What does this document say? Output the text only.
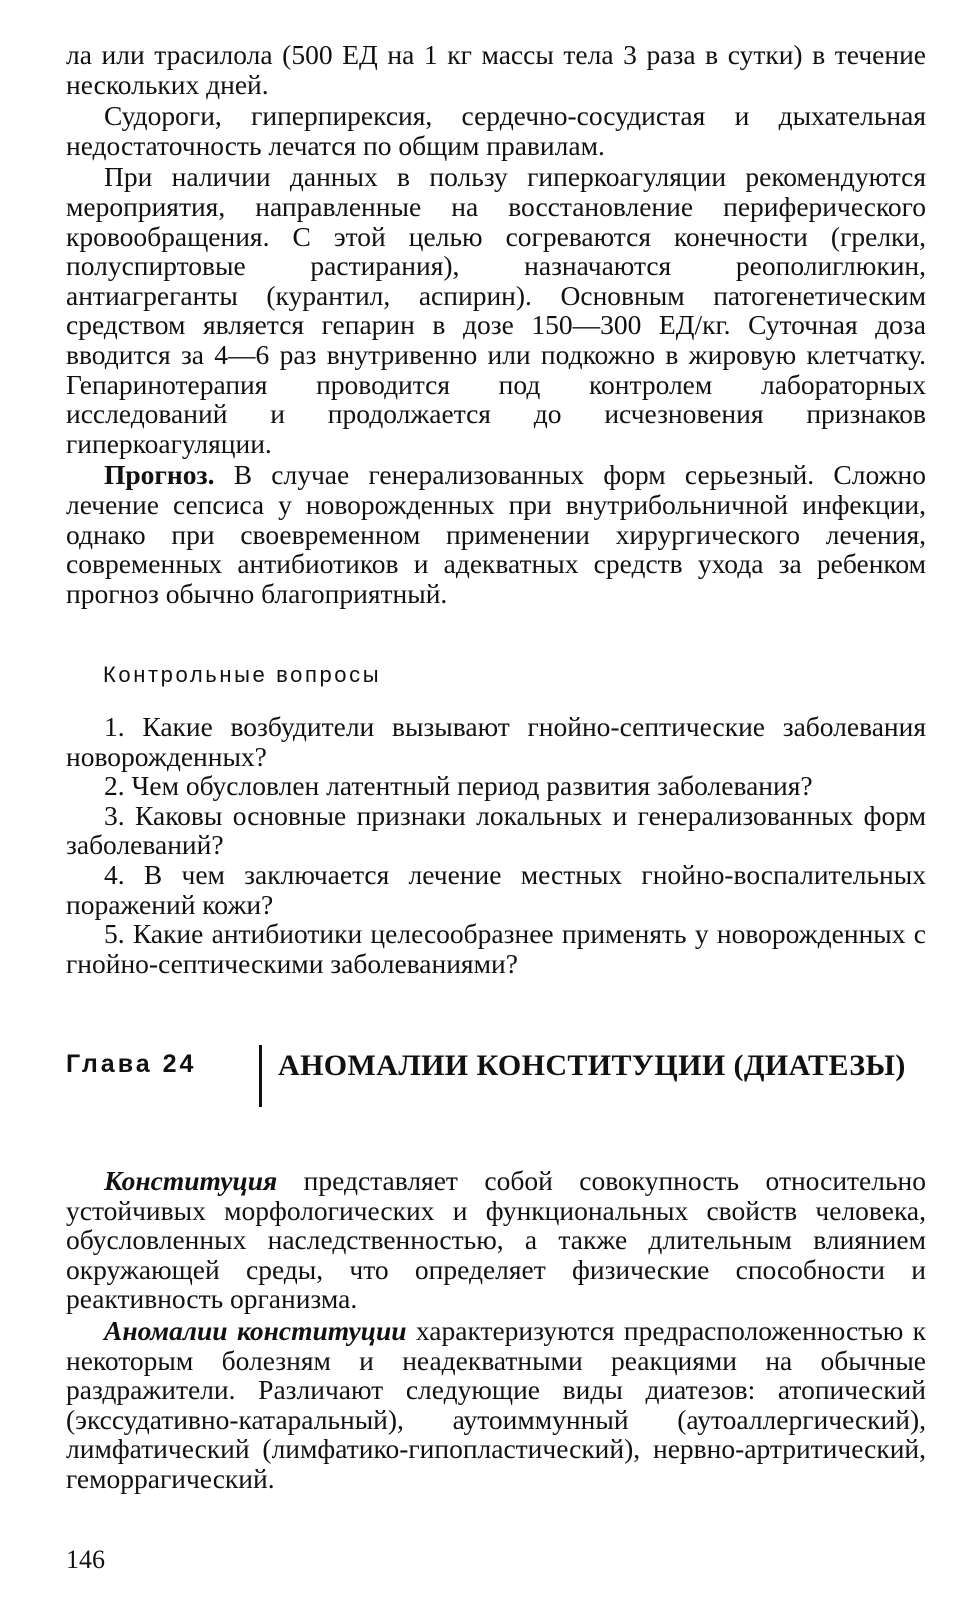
ла или трасилола (500 ЕД на 1 кг массы тела 3 раза в сутки) в течение нескольких дней.

Судороги, гиперпирексия, сердечно-сосудистая и дыхательная недостаточность лечатся по общим правилам.

При наличии данных в пользу гиперкоагуляции рекомендуются мероприятия, направленные на восстановление периферического кровообращения. С этой целью согреваются конечности (грелки, полуспиртовые растирания), назначаются реополиглюкин, антиагреганты (курантил, аспирин). Основным патогенетическим средством является гепарин в дозе 150—300 ЕД/кг. Суточная доза вводится за 4—6 раз внутривенно или подкожно в жировую клетчатку. Гепаринотерапия проводится под контролем лабораторных исследований и продолжается до исчезновения признаков гиперкоагуляции.

Прогноз. В случае генерализованных форм серьезный. Сложно лечение сепсиса у новорожденных при внутрибольничной инфекции, однако при своевременном применении хирургического лечения, современных антибиотиков и адекватных средств ухода за ребенком прогноз обычно благоприятный.

Контрольные вопросы

1. Какие возбудители вызывают гнойно-септические заболевания новорожденных?

2. Чем обусловлен латентный период развития заболевания?

3. Каковы основные признаки локальных и генерализованных форм заболеваний?

4. В чем заключается лечение местных гнойно-воспалительных поражений кожи?

5. Какие антибиотики целесообразнее применять у новорожденных с гнойно-септическими заболеваниями?

Глава 24	АНОМАЛИИ КОНСТИТУЦИИ (ДИАТЕЗЫ)

Конституция представляет собой совокупность относительно устойчивых морфологических и функциональных свойств человека, обусловленных наследственностью, а также длительным влиянием окружающей среды, что определяет физические способности и реактивность организма.

Аномалии конституции характеризуются предрасположенностью к некоторым болезням и неадекватными реакциями на обычные раздражители. Различают следующие виды диатезов: атопический (экссудативно-катаральный), аутоиммунный (аутоаллергический), лимфатический (лимфатико-гипопластический), нервно-артритический, геморрагический.

146
